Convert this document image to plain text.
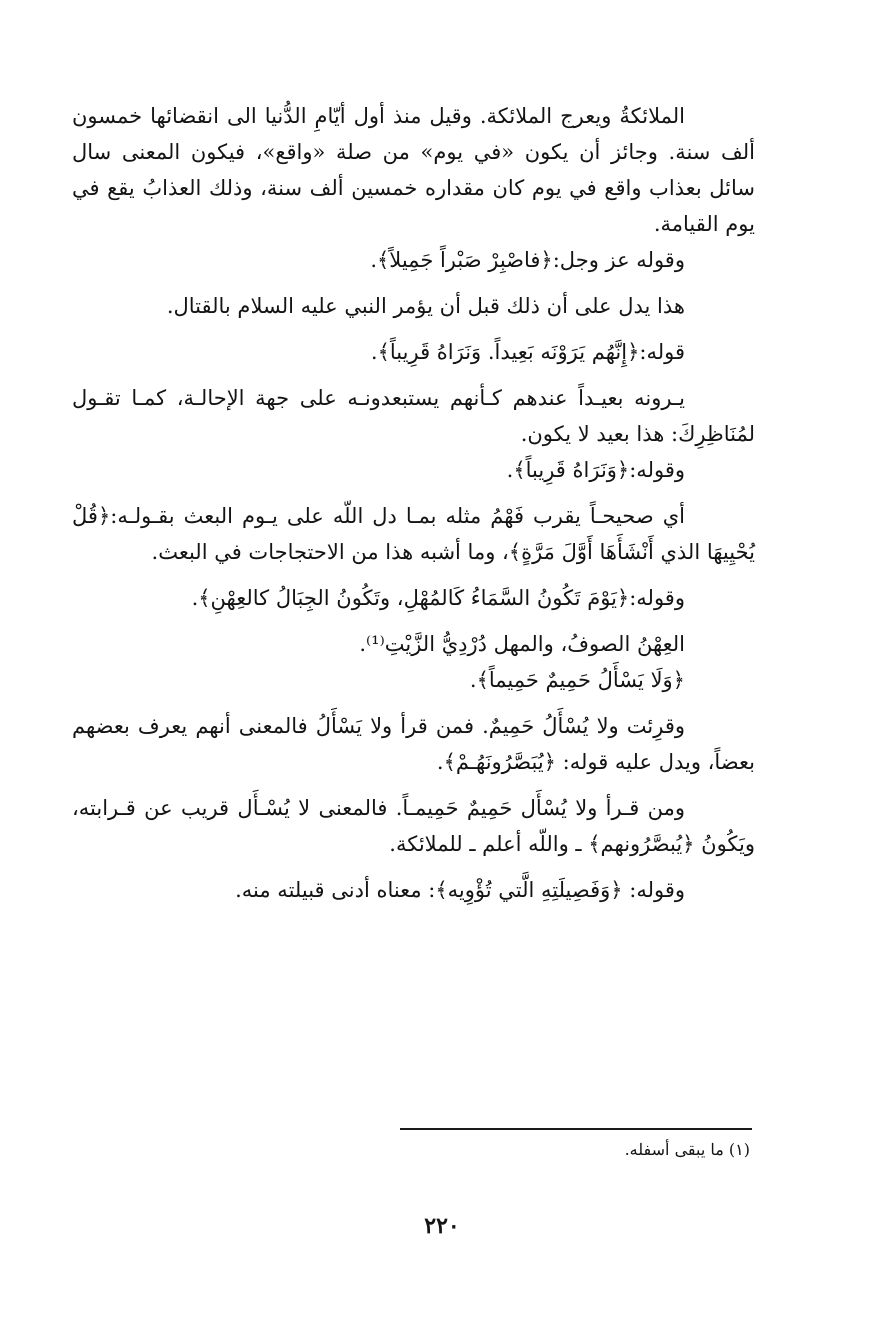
الملائكةُ ويعرج الملائكة. وقيل منذ أول أيّامِ الدُّنيا الى انقضائها خمسون ألف سنة. وجائز أن يكون «في يوم» من صلة «واقع»، فيكون المعنى سال سائل بعذاب واقع في يوم كان مقداره خمسين ألف سنة، وذلك العذابُ يقع في يوم القيامة.

وقوله عز وجل:﴿فاصْبِرْ صَبْراً جَمِيلاً﴾.

هذا يدل على أن ذلك قبل أن يؤمر النبي عليه السلام بالقتال.

قوله:﴿إِنَّهُم يَرَوْنَه بَعِيداً. وَنَرَاهُ قَرِيباً﴾.

يـرونه بعيـداً عندهم كـأنهم يستبعدونـه على جهة الإحالـة، كمـا تقـول لمُنَاظِرِكَ: هذا بعيد لا يكون.

وقوله:﴿وَنَرَاهُ قَرِيباً﴾.

أي صحيحـاً يقرب فَهْمُ مثله بمـا دل اللّه على يـوم البعث بقـولـه:﴿قُلْ يُحْيِيهَا الذي أَنْشَأَهَا أَوَّلَ مَرَّةٍ﴾، وما أشبه هذا من الاحتجاجات في البعث.

وقوله:﴿يَوْمَ تَكُونُ السَّمَاءُ كَالمُهْلِ، وتَكُونُ الجِبَالُ كالعِهْنِ﴾.

العِهْنُ الصوفُ، والمهل دُرْدِيُّ الزَّيْتِ⁽¹⁾.

﴿وَلَا يَسْأَلُ حَمِيمٌ حَمِيماً﴾.

وقرِئت ولا يُسْأَلُ حَمِيمٌ. فمن قرأ ولا يَسْأَلُ فالمعنى أنهم يعرف بعضهم بعضاً، ويدل عليه قوله: ﴿يُبَصَّرُونَهُـمْ﴾.

ومن قـرأ ولا يُسْأَل حَمِيمٌ حَمِيمـاً. فالمعنى لا يُسْـأَل قريب عن قـرابته، ويَكُونُ ﴿يُبصَّرُونهم﴾ ـ واللّه أعلم ـ للملائكة.

وقوله: ﴿وَفَصِيلَتِهِ الَّتي تُؤْوِيه﴾: معناه أدنى قبيلته منه.

(١) ما يبقى أسفله.
٢٢٠
